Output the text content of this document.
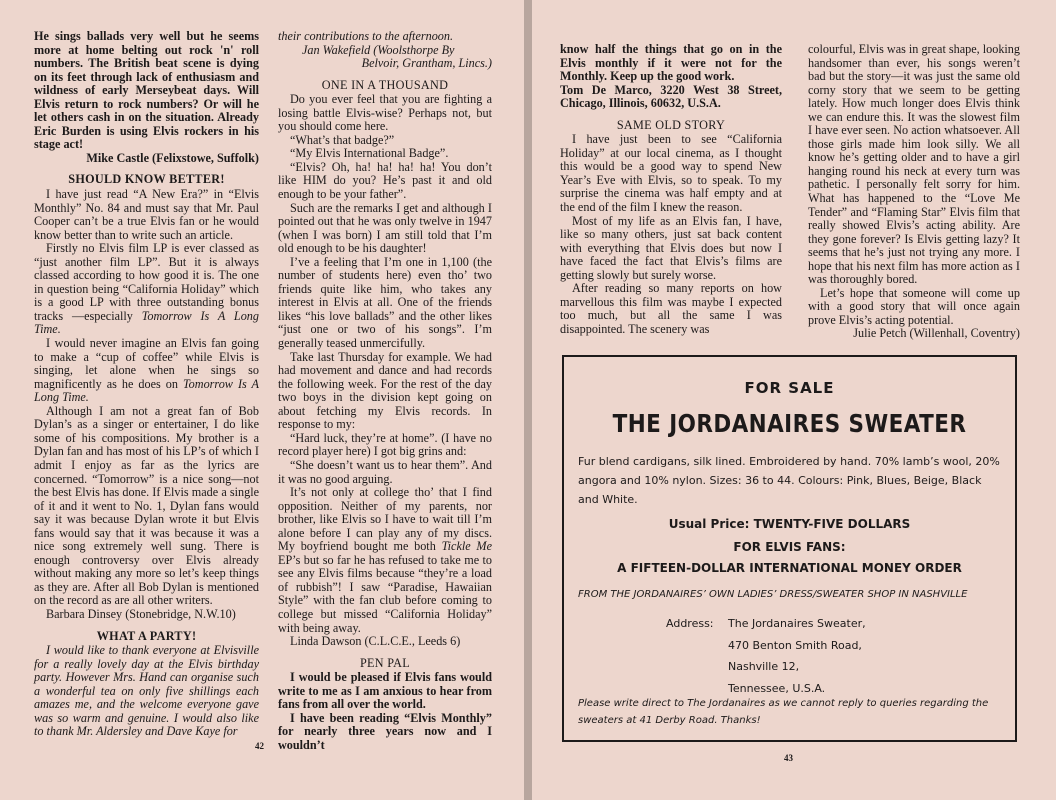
He sings ballads very well but he seems more at home belting out rock 'n' roll numbers. The British beat scene is dying on its feet through lack of enthusiasm and wildness of early Merseybeat days. Will Elvis return to rock numbers? Or will he let others cash in on the situation. Already Eric Burden is using Elvis rockers in his stage act!

Mike Castle (Felixstowe, Suffolk)

SHOULD KNOW BETTER!

I have just read “A New Era?” in “Elvis Monthly” No. 84 and must say that Mr. Paul Cooper can’t be a true Elvis fan or he would know better than to write such an article.

Firstly no Elvis film LP is ever classed as “just another film LP”. But it is always classed according to how good it is. The one in question being “California Holiday” which is a good LP with three outstanding bonus tracks —especially Tomorrow Is A Long Time.

I would never imagine an Elvis fan going to make a “cup of coffee” while Elvis is singing, let alone when he sings so magnificently as he does on Tomorrow Is A Long Time.

Although I am not a great fan of Bob Dylan’s as a singer or entertainer, I do like some of his compositions. My brother is a Dylan fan and has most of his LP’s of which I admit I enjoy as far as the lyrics are concerned. “Tomorrow” is a nice song—not the best Elvis has done. If Elvis made a single of it and it went to No. 1, Dylan fans would say it was because Dylan wrote it but Elvis fans would say that it was because it was a nice song extremely well sung. There is enough controversy over Elvis already without making any more so let’s keep things as they are. After all Bob Dylan is mentioned on the record as are all other writers.

Barbara Dinsey (Stonebridge, N.W.10)

WHAT A PARTY!

I would like to thank everyone at Elvisville for a really lovely day at the Elvis birthday party. However Mrs. Hand can organise such a wonderful tea on only five shillings each amazes me, and the welcome everyone gave was so warm and genuine. I would also like to thank Mr. Aldersley and Dave Kaye for

their contributions to the afternoon.

Jan Wakefield (Woolsthorpe By

Belvoir, Grantham, Lincs.)

ONE IN A THOUSAND

Do you ever feel that you are fighting a losing battle Elvis-wise? Perhaps not, but you should come here.

“What’s that badge?”

“My Elvis International Badge”.

“Elvis? Oh, ha! ha! ha! ha! You don’t like HIM do you? He’s past it and old enough to be your father”.

Such are the remarks I get and although I pointed out that he was only twelve in 1947 (when I was born) I am still told that I’m old enough to be his daughter!

I’ve a feeling that I’m one in 1,100 (the number of students here) even tho’ two friends quite like him, who takes any interest in Elvis at all. One of the friends likes “his love ballads” and the other likes “just one or two of his songs”. I’m generally teased unmercifully.

Take last Thursday for example. We had had movement and dance and had records the following week. For the rest of the day two boys in the division kept going on about fetching my Elvis records. In response to my:

“Hard luck, they’re at home”. (I have no record player here) I got big grins and:

“She doesn’t want us to hear them”. And it was no good arguing.

It’s not only at college tho’ that I find opposition. Neither of my parents, nor brother, like Elvis so I have to wait till I’m alone before I can play any of my discs. My boyfriend bought me both Tickle Me EP’s but so far he has refused to take me to see any Elvis films because “they’re a load of rubbish”! I saw “Paradise, Hawaiian Style” with the fan club before coming to college but missed “California Holiday” with being away.

Linda Dawson (C.L.C.E., Leeds 6)

PEN PAL

I would be pleased if Elvis fans would write to me as I am anxious to hear from fans from all over the world.

I have been reading “Elvis Monthly” for nearly three years now and I wouldn’t

42

know half the things that go on in the Elvis monthly if it were not for the Monthly. Keep up the good work.

Tom De Marco, 3220 West 38 Street, Chicago, Illinois, 60632, U.S.A.

SAME OLD STORY

I have just been to see “California Holiday” at our local cinema, as I thought this would be a good way to spend New Year’s Eve with Elvis, so to speak. To my surprise the cinema was half empty and at the end of the film I knew the reason.

Most of my life as an Elvis fan, I have, like so many others, just sat back content with everything that Elvis does but now I have faced the fact that Elvis’s films are getting slowly but surely worse.

After reading so many reports on how marvellous this film was maybe I expected too much, but all the same I was disappointed. The scenery was

colourful, Elvis was in great shape, looking handsomer than ever, his songs weren’t bad but the story—it was just the same old corny story that we seem to be getting lately. How much longer does Elvis think we can endure this. It was the slowest film I have ever seen. No action whatsoever. All those girls made him look silly. We all know he’s getting older and to have a girl hanging round his neck at every turn was pathetic. I personally felt sorry for him. What has happened to the “Love Me Tender” and “Flaming Star” Elvis film that really showed Elvis’s acting ability. Are they gone forever? Is Elvis getting lazy? It seems that he’s just not trying any more. I hope that his next film has more action as I was thoroughly bored.

Let’s hope that someone will come up with a good story that will once again prove Elvis’s acting potential.

Julie Petch (Willenhall, Coventry)

FOR SALE
THE JORDANAIRES SWEATER
Fur blend cardigans, silk lined. Embroidered by hand. 70% lamb’s wool, 20% angora and 10% nylon. Sizes: 36 to 44. Colours: Pink, Blues, Beige, Black and White.
Usual Price: TWENTY-FIVE DOLLARS
FOR ELVIS FANS:
A FIFTEEN-DOLLAR INTERNATIONAL MONEY ORDER
FROM THE JORDANAIRES’ OWN LADIES’ DRESS/SWEATER SHOP IN NASHVILLE
Address: The Jordanaires Sweater,
470 Benton Smith Road,
Nashville 12,
Tennessee, U.S.A.
Please write direct to The Jordanaires as we cannot reply to queries regarding the sweaters at 41 Derby Road. Thanks!
43
